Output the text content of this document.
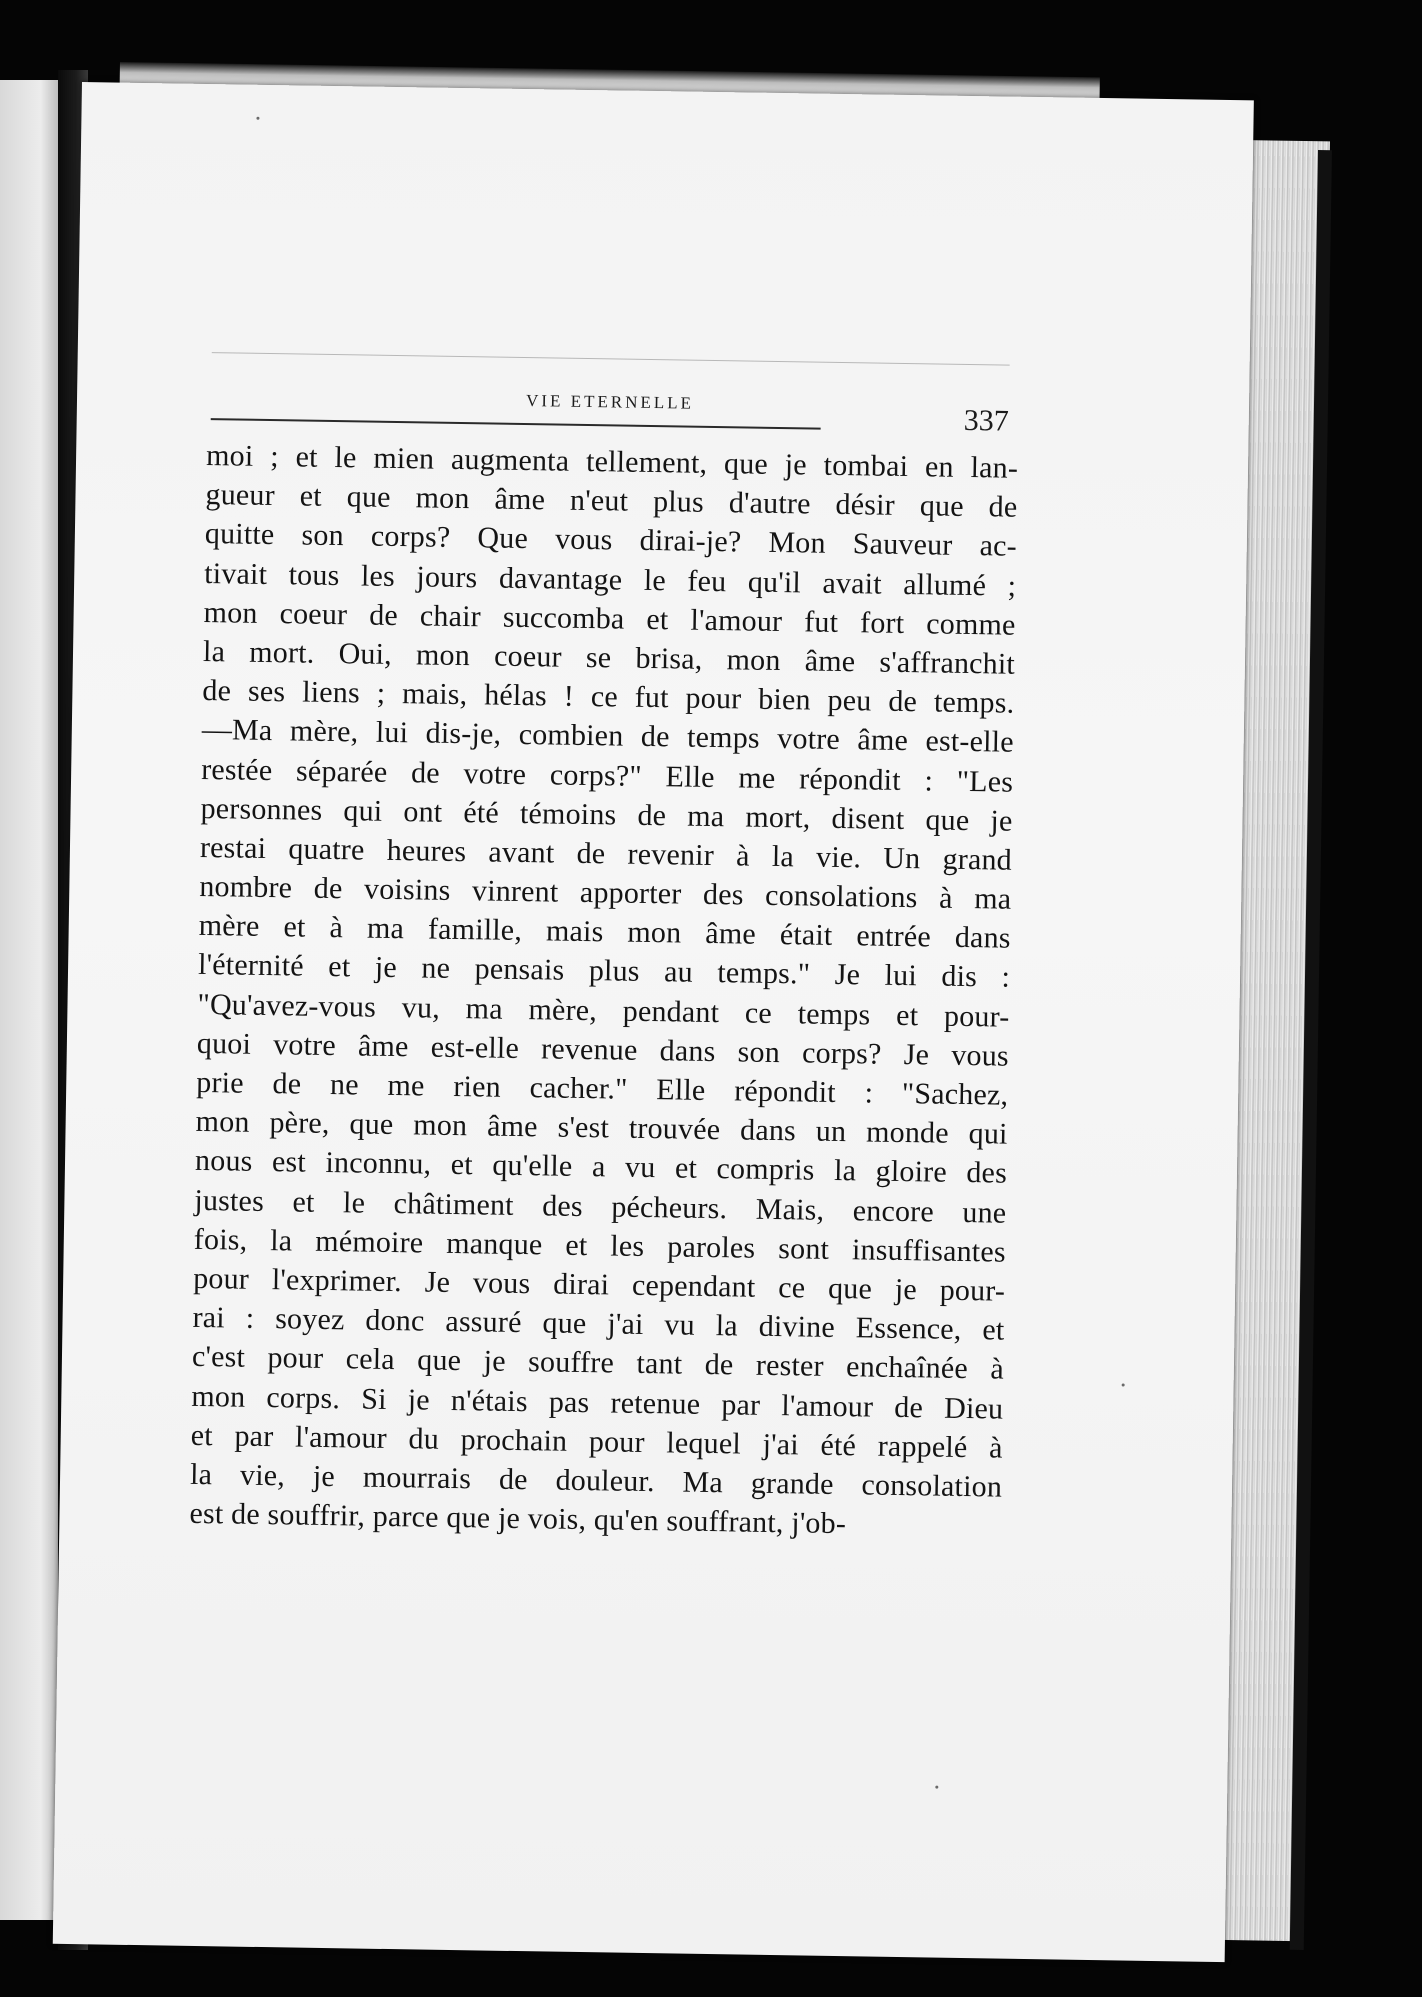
VIE ETERNELLE
337
moi ; et le mien augmenta tellement, que je tombai en lan-
gueur et que mon âme n'eut plus d'autre désir que de
quitte son corps? Que vous dirai-je? Mon Sauveur ac-
tivait tous les jours davantage le feu qu'il avait allumé ;
mon coeur de chair succomba et l'amour fut fort comme
la mort. Oui, mon coeur se brisa, mon âme s'affranchit
de ses liens ; mais, hélas ! ce fut pour bien peu de temps.
—Ma mère, lui dis-je, combien de temps votre âme est-elle
restée séparée de votre corps?" Elle me répondit : "Les
personnes qui ont été témoins de ma mort, disent que je
restai quatre heures avant de revenir à la vie. Un grand
nombre de voisins vinrent apporter des consolations à ma
mère et à ma famille, mais mon âme était entrée dans
l'éternité et je ne pensais plus au temps." Je lui dis :
"Qu'avez-vous vu, ma mère, pendant ce temps et pour-
quoi votre âme est-elle revenue dans son corps? Je vous
prie de ne me rien cacher." Elle répondit : "Sachez,
mon père, que mon âme s'est trouvée dans un monde qui
nous est inconnu, et qu'elle a vu et compris la gloire des
justes et le châtiment des pécheurs. Mais, encore une
fois, la mémoire manque et les paroles sont insuffisantes
pour l'exprimer. Je vous dirai cependant ce que je pour-
rai : soyez donc assuré que j'ai vu la divine Essence, et
c'est pour cela que je souffre tant de rester enchaînée à
mon corps. Si je n'étais pas retenue par l'amour de Dieu
et par l'amour du prochain pour lequel j'ai été rappelé à
la vie, je mourrais de douleur. Ma grande consolation
est de souffrir, parce que je vois, qu'en souffrant, j'ob-
